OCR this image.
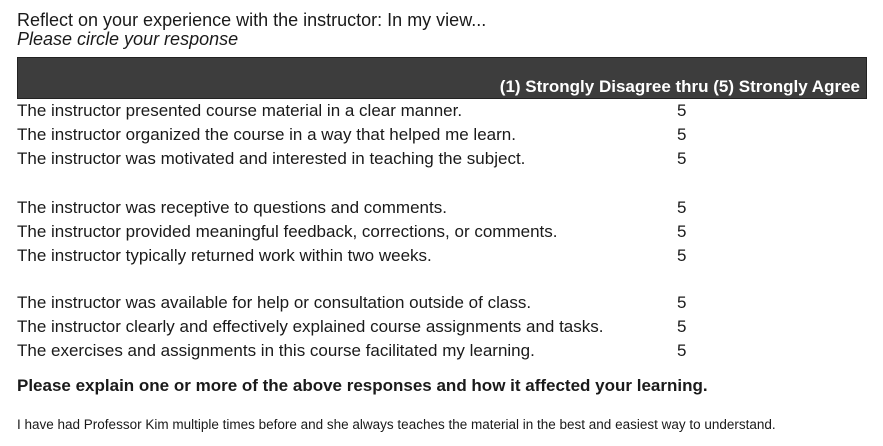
Reflect on your experience with the instructor: In my view...
Please circle your response
(1) Strongly Disagree thru (5) Strongly Agree
The instructor presented course material in a clear manner.	5
The instructor organized the course in a way that helped me learn.	5
The instructor was motivated and interested in teaching the subject.	5
The instructor was receptive to questions and comments.	5
The instructor provided meaningful feedback, corrections, or comments.	5
The instructor typically returned work within two weeks.	5
The instructor was available for help or consultation outside of class.	5
The instructor clearly and effectively explained course assignments and tasks.	5
The exercises and assignments in this course facilitated my learning.	5
Please explain one or more of the above responses and how it affected your learning.
I have had Professor Kim multiple times before and she always teaches the material in the best and easiest way to understand.
